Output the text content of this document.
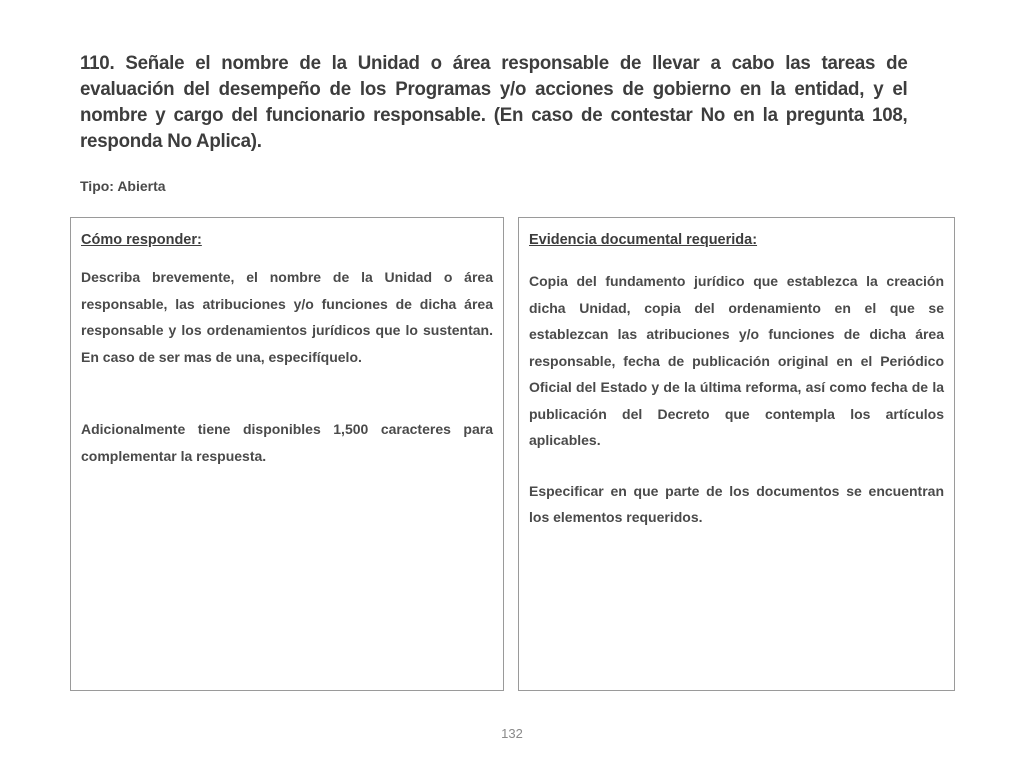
110. Señale el nombre de la Unidad o área responsable de llevar a cabo las tareas de evaluación del desempeño de los Programas y/o acciones de gobierno en la entidad, y el nombre y cargo del funcionario responsable. (En caso de contestar No en la pregunta 108, responda No Aplica).

Tipo: Abierta

Cómo responder:

Describa brevemente, el nombre de la Unidad o área responsable, las atribuciones y/o funciones de dicha área responsable y los ordenamientos jurídicos que lo sustentan. En caso de ser mas de una, especifíquelo.

Adicionalmente tiene disponibles 1,500 caracteres para complementar la respuesta.

Evidencia documental requerida:

Copia del fundamento jurídico que establezca la creación dicha Unidad, copia del ordenamiento en el que se establezcan las atribuciones y/o funciones de dicha área responsable, fecha de publicación original en el Periódico Oficial del Estado y de la última reforma, así como fecha de la publicación del Decreto que contempla los artículos aplicables.

Especificar en que parte de los documentos se encuentran los elementos requeridos.

132
